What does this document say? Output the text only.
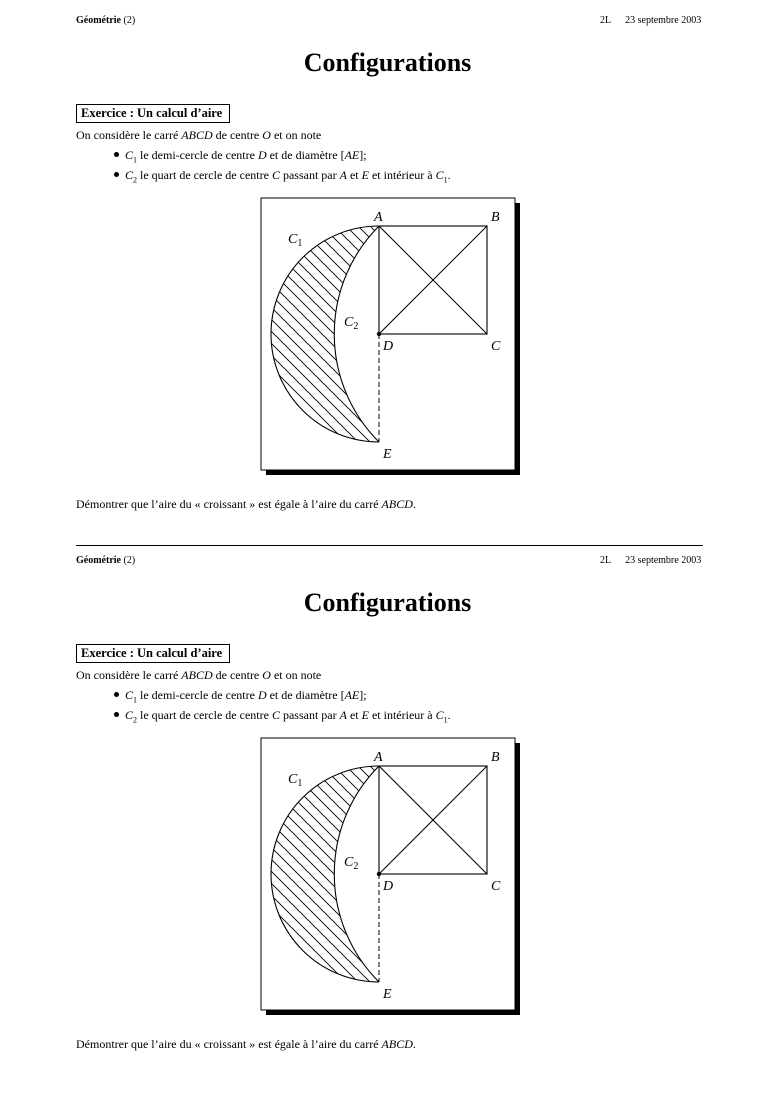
Géométrie (2)	2L 23 septembre 2003
Configurations
Exercice : Un calcul d’aire
On considère le carré ABCD de centre O et on note
$C_1$ le demi-cercle de centre D et de diamètre [AE];
$C_2$ le quart de cercle de centre C passant par A et E et intérieur à $C_1$.
A	B
C
D
E
$C_1$
$C_2$
Démontrer que l’aire du « croissant » est égale à l’aire du carré ABCD.
Géométrie (2)	2L 23 septembre 2003
Configurations
Exercice : Un calcul d’aire
On considère le carré ABCD de centre O et on note
$C_1$ le demi-cercle de centre D et de diamètre [AE];
$C_2$ le quart de cercle de centre C passant par A et E et intérieur à $C_1$.
A	B
C
D
E
$C_1$
$C_2$
Démontrer que l’aire du « croissant » est égale à l’aire du carré ABCD.
